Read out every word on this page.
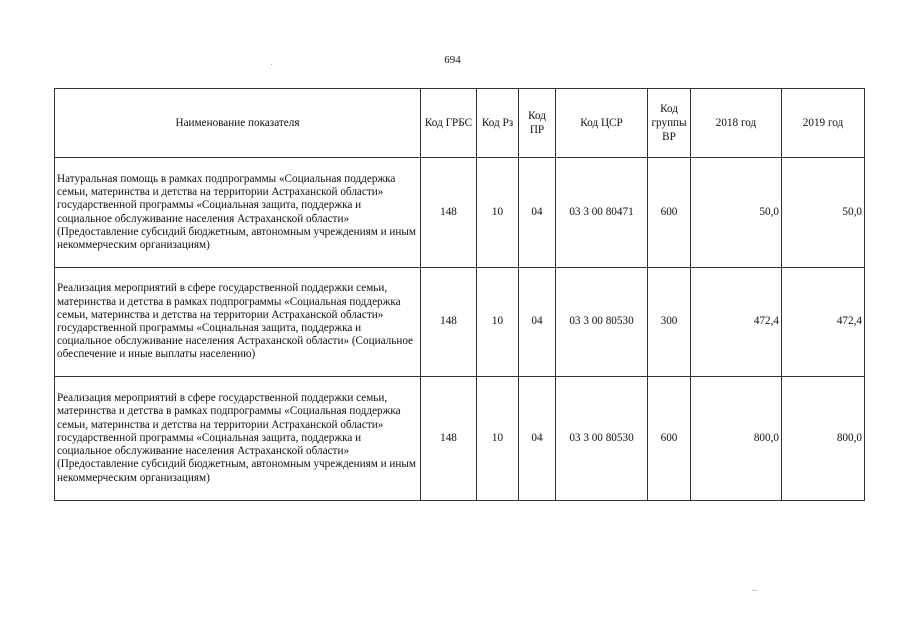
694
·
–
Наименование показателя	Код ГРБС	Код Рз	Код ПР	Код ЦСР	Код группы ВР	2018 год	2019 год
Натуральная помощь в рамках подпрограммы «Социальная поддержка семьи, материнства и детства на территории Астраханской области» государственной программы «Социальная защита, поддержка и социальное обслуживание населения Астраханской области» (Предоставление субсидий бюджетным, автономным учреждениям и иным некоммерческим организациям)	148	10	04	03 3 00 80471	600	50,0	50,0
Реализация мероприятий в сфере государственной поддержки семьи, материнства и детства в рамках подпрограммы «Социальная поддержка семьи, материнства и детства на территории Астраханской области» государственной программы «Социальная защита, поддержка и социальное обслуживание населения Астраханской области» (Социальное обеспечение и иные выплаты населению)	148	10	04	03 3 00 80530	300	472,4	472,4
Реализация мероприятий в сфере государственной поддержки семьи, материнства и детства в рамках подпрограммы «Социальная поддержка семьи, материнства и детства на территории Астраханской области» государственной программы «Социальная защита, поддержка и социальное обслуживание населения Астраханской области» (Предоставление субсидий бюджетным, автономным учреждениям и иным некоммерческим организациям)	148	10	04	03 3 00 80530	600	800,0	800,0
